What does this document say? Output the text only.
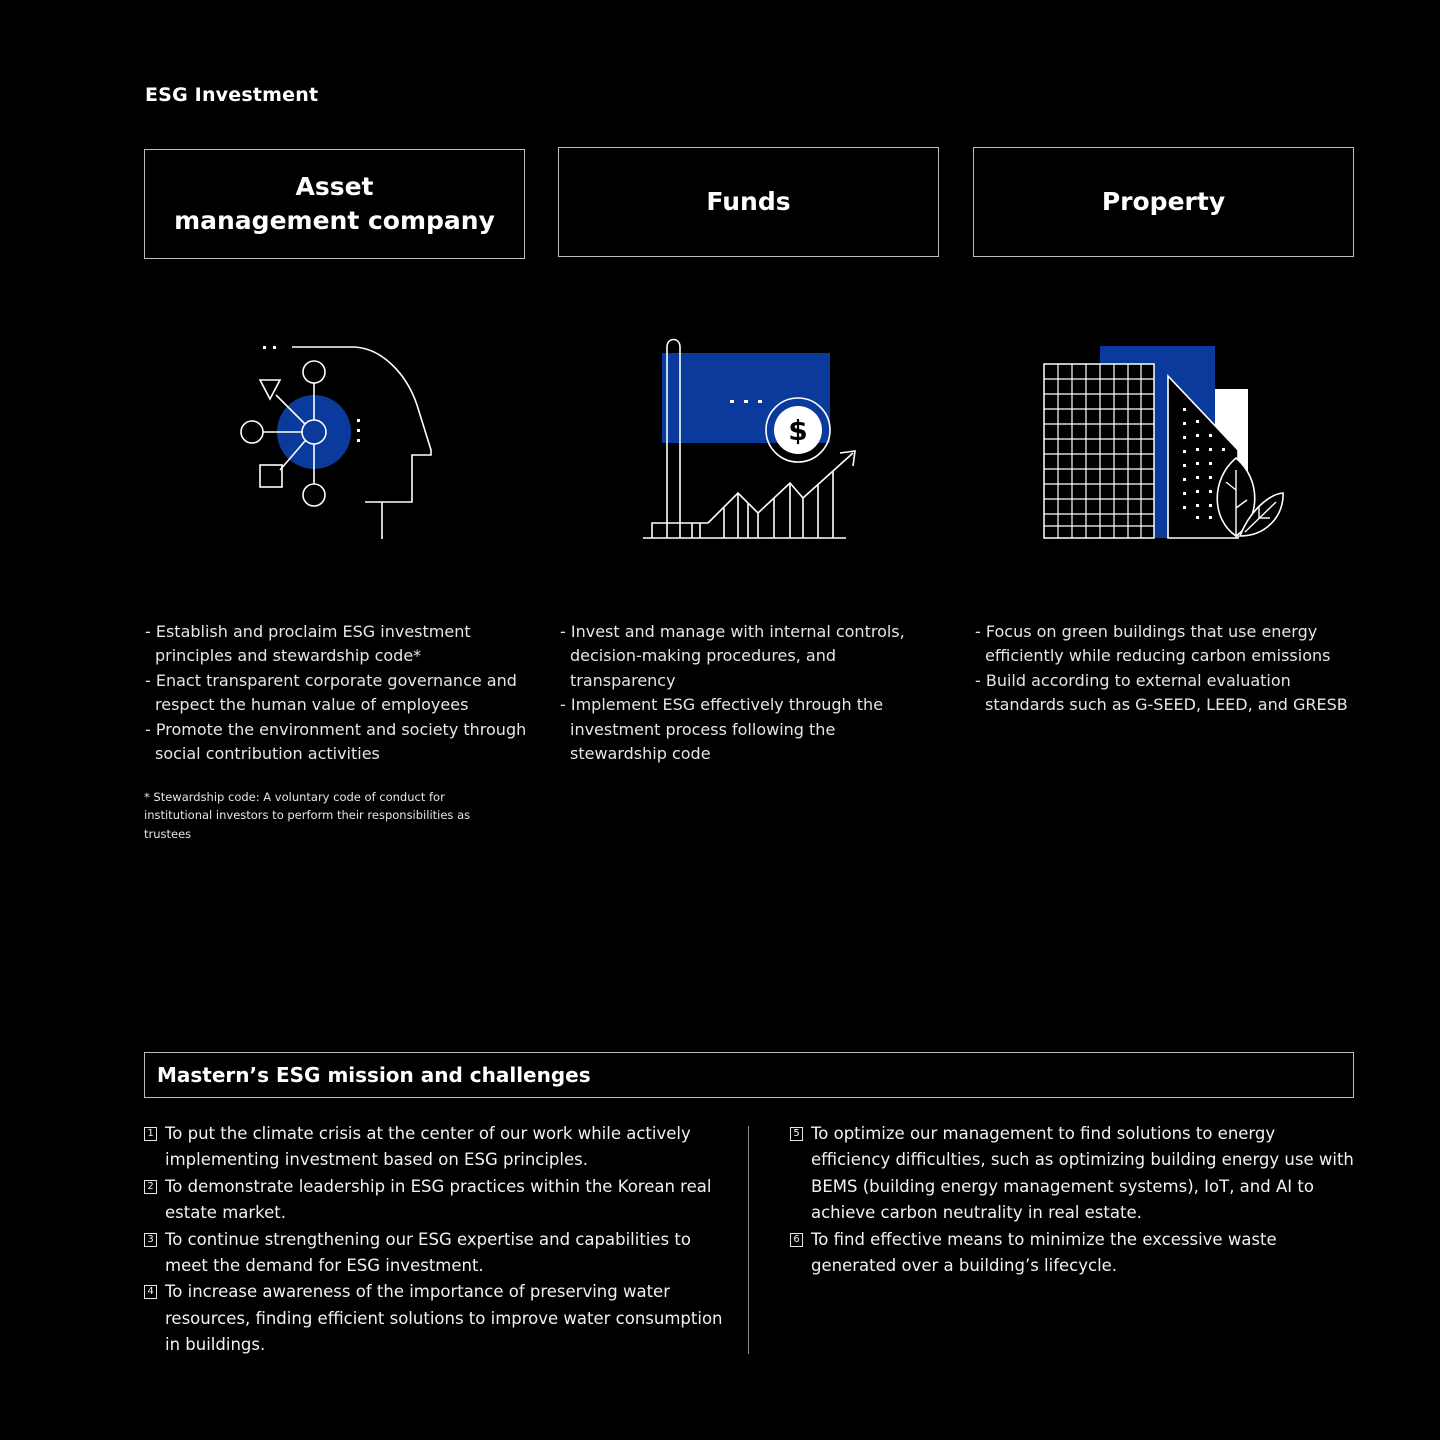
ESG Investment
Asset
management company
Funds	Property
$
- Establish and proclaim ESG investment principles and stewardship code*
- Enact transparent corporate governance and respect the human value of employees
- Promote the environment and society through social contribution activities
* Stewardship code: A voluntary code of conduct for institutional investors to perform their responsibilities as trustees
- Invest and manage with internal controls, decision-making procedures, and transparency
- Implement ESG effectively through the investment process following the stewardship code
- Focus on green buildings that use energy efficiently while reducing carbon emissions
- Build according to external evaluation standards such as G-SEED, LEED, and GRESB
Mastern’s ESG mission and challenges
1 To put the climate crisis at the center of our work while actively implementing investment based on ESG principles.
2 To demonstrate leadership in ESG practices within the Korean real estate market.
3 To continue strengthening our ESG expertise and capabilities to meet the demand for ESG investment.
4 To increase awareness of the importance of preserving water resources, finding efficient solutions to improve water consumption in buildings.
5 To optimize our management to find solutions to energy efficiency difficulties, such as optimizing building energy use with BEMS (building energy management systems), IoT, and AI to achieve carbon neutrality in real estate.
6 To find effective means to minimize the excessive waste generated over a building’s lifecycle.
